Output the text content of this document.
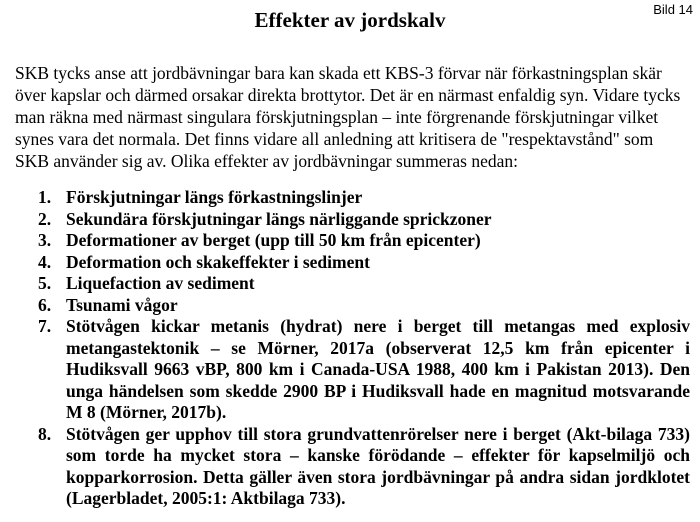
Bild 14
Effekter av jordskalv

SKB tycks anse att jordbävningar bara kan skada ett KBS-3 förvar när förkastningsplan skär över kapslar och därmed orsakar direkta brottytor. Det är en närmast enfaldig syn. Vidare tycks man räkna med närmast singulara förskjutningsplan – inte förgrenande förskjutningar vilket synes vara det normala. Det finns vidare all anledning att kritisera de "respektavstånd" som SKB använder sig av. Olika effekter av jordbävningar summeras nedan:

1. Förskjutningar längs förkastningslinjer
2. Sekundära förskjutningar längs närliggande sprickzoner
3. Deformationer av berget (upp till 50 km från epicenter)
4. Deformation och skakeffekter i sediment
5. Liquefaction av sediment
6. Tsunami vågor
7. Stötvågen kickar metanis (hydrat) nere i berget till metangas med explosiv metangastektonik – se Mörner, 2017a (observerat 12,5 km från epicenter i Hudiksvall 9663 vBP, 800 km i Canada-USA 1988, 400 km i Pakistan 2013). Den unga händelsen som skedde 2900 BP i Hudiksvall hade en magnitud motsvarande M 8 (Mörner, 2017b).
8. Stötvågen ger upphov till stora grundvattenrörelser nere i berget (Akt-bilaga 733) som torde ha mycket stora – kanske förödande – effekter för kapselmiljö och kopparkorrosion. Detta gäller även stora jordbävningar på andra sidan jordklotet (Lagerbladet, 2005:1: Aktbilaga 733).
